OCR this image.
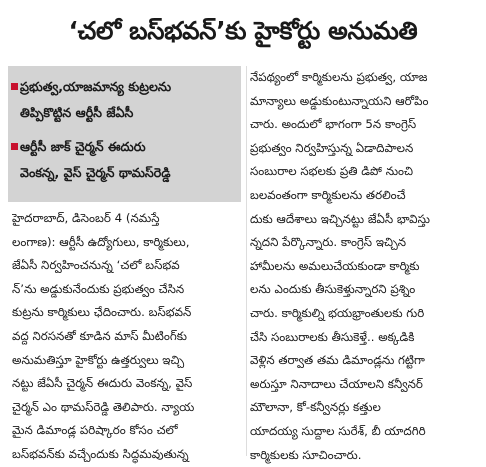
‘చలో బస్‌భవన్‌’కు హైకోర్టు అనుమతి
ప్రభుత్వ,యాజమాన్య కుట్రలను
తిప్పికొట్టిన ఆర్టీసీ జేఏసీ
ఆర్టీసీ జాక్‌ చైర్మన్‌ ఈదురు
వెంకన్న, వైస్‌ చైర్మన్‌ థామస్‌రెడ్డి
హైదరాబాద్‌, డిసెంబర్‌ 4 (నమస్తే
లంగాణ): ఆర్టీసీ ఉద్యోగులు, కార్మికులు,
జేఏసీ నిర్వహించనున్న ‘చలో బస్‌భవ
న్‌’ను అడ్డుకునేందుకు ప్రభుత్వం చేసిన
కుట్రను కార్మికులు ఛేదించారు. బస్‌భవన్‌
వద్ద నిరసనతో కూడిన మాస్‌ మీటింగ్‌కు
అనుమతిస్తూ హైకోర్టు ఉత్తర్వులు ఇచ్చి
నట్టు జేఏసీ చైర్మన్‌ ఈదురు వెంకన్న, వైస్‌
చైర్మన్‌ ఎం థామస్‌రెడ్డి తెలిపారు. న్యాయ
మైన డిమాండ్ల పరిష్కారం కోసం చలో
బస్‌భవన్‌కు వచ్చేందుకు సిద్ధమవుతున్న
నేపథ్యంలో కార్మికులను ప్రభుత్వ, యాజ
మాన్యాలు అడ్డుకుంటున్నాయని ఆరోపిం
చారు. అందులో భాగంగా 5న కాంగ్రెస్‌
ప్రభుత్వం నిర్వహిస్తున్న ఏడాదిపాలన
సంబురాల సభలకు ప్రతి డిపో నుంచి
బలవంతంగా కార్మికులను తరలించే
దుకు ఆదేశాలు ఇచ్చినట్టు జేఏసీ భావిస్తు
న్నదని పేర్కొన్నారు. కాంగ్రెస్‌ ఇచ్చిన
హామీలను అమలుచేయకుండా కార్మికు
లను ఎందుకు తీసుకెళ్తున్నారని ప్రశ్నిం
చారు. కార్మికుల్ని భయభ్రాంతులకు గురి
చేసి సంబురాలకు తీసుకెళ్తే.. అక్కడికి
వెళ్లిన తర్వాత తమ డిమాండ్లను గట్టిగా
అరుస్తూ నినాదాలు చేయాలని కన్వీనర్‌
మౌలానా, కో-కన్వీనర్లు కత్తుల
యాదయ్య సుద్దాల సురేశ్‌, బీ యాదగిరి
కార్మికులకు సూచించారు.
